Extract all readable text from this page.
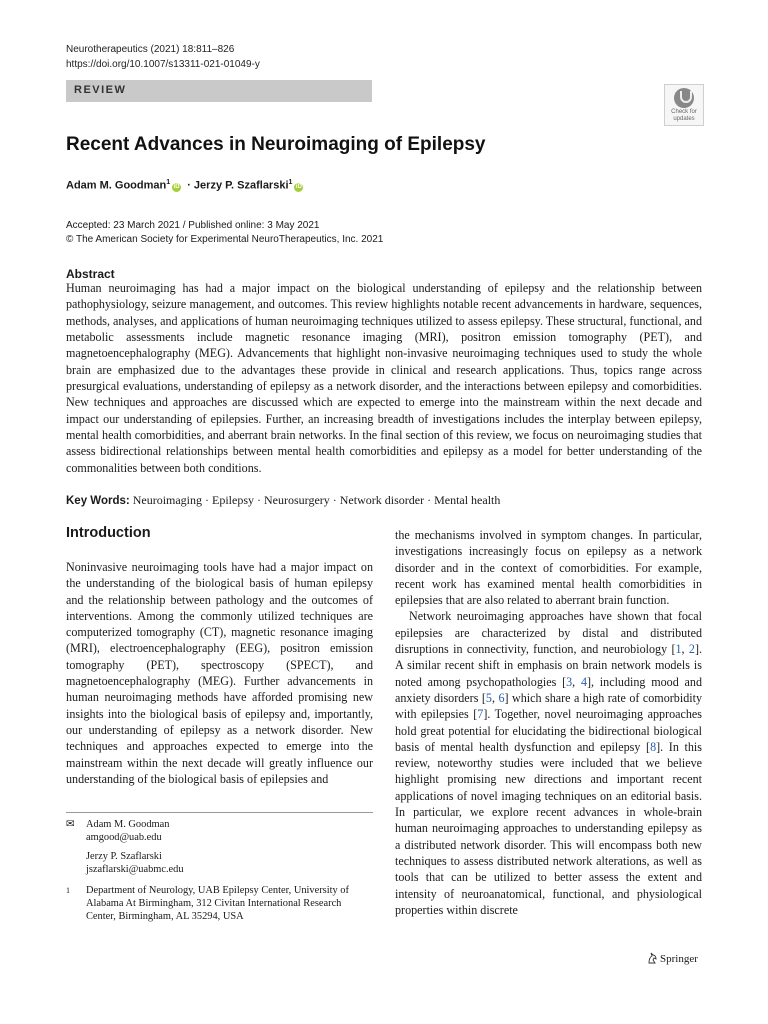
Neurotherapeutics (2021) 18:811–826
https://doi.org/10.1007/s13311-021-01049-y
REVIEW
Check for
updates
Recent Advances in Neuroimaging of Epilepsy
Adam M. Goodman$^1$iD · Jerzy P. Szaflarski$^1$iD
Accepted: 23 March 2021 / Published online: 3 May 2021
© The American Society for Experimental NeuroTherapeutics, Inc. 2021
Abstract
Human neuroimaging has had a major impact on the biological understanding of epilepsy and the relationship between pathophysiology, seizure management, and outcomes. This review highlights notable recent advancements in hardware, sequences, methods, analyses, and applications of human neuroimaging techniques utilized to assess epilepsy. These structural, functional, and metabolic assessments include magnetic resonance imaging (MRI), positron emission tomography (PET), and magnetoencephalography (MEG). Advancements that highlight non-invasive neuroimaging techniques used to study the whole brain are emphasized due to the advantages these provide in clinical and research applications. Thus, topics range across presurgical evaluations, understanding of epilepsy as a network disorder, and the interactions between epilepsy and comorbidities. New techniques and approaches are discussed which are expected to emerge into the mainstream within the next decade and impact our understanding of epilepsies. Further, an increasing breadth of investigations includes the interplay between epilepsy, mental health comorbidities, and aberrant brain networks. In the final section of this review, we focus on neuroimaging studies that assess bidirectional relationships between mental health comorbidities and epilepsy as a model for better understanding of the commonalities between both conditions.
Key Words: Neuroimaging · Epilepsy · Neurosurgery · Network disorder · Mental health
Introduction

Noninvasive neuroimaging tools have had a major impact on the understanding of the biological basis of human epilepsy and the relationship between pathology and the outcomes of interventions. Among the commonly utilized techniques are computerized tomography (CT), magnetic resonance imaging (MRI), electroencephalography (EEG), positron emission tomography (PET), spectroscopy (SPECT), and magnetoencephalography (MEG). Further advancements in human neuroimaging methods have afforded promising new insights into the biological basis of epilepsy and, importantly, our understanding of epilepsy as a network disorder. New techniques and approaches expected to emerge into the mainstream within the next decade will greatly influence our understanding of the biological basis of epilepsies and

the mechanisms involved in symptom changes. In particular, investigations increasingly focus on epilepsy as a network disorder and in the context of comorbidities. For example, recent work has examined mental health comorbidities in epilepsies that are also related to aberrant brain function.

Network neuroimaging approaches have shown that focal epilepsies are characterized by distal and distributed disruptions in connectivity, function, and neurobiology [1, 2]. A similar recent shift in emphasis on brain network models is noted among psychopathologies [3, 4], including mood and anxiety disorders [5, 6] which share a high rate of comorbidity with epilepsies [7]. Together, novel neuroimaging approaches hold great potential for elucidating the bidirectional biological basis of mental health dysfunction and epilepsy [8]. In this review, noteworthy studies were included that we believe highlight promising new directions and important recent applications of novel imaging techniques on an editorial basis. In particular, we explore recent advances in whole-brain human neuroimaging approaches to understanding epilepsy as a distributed network disorder. This will encompass both new techniques to assess distributed network alterations, as well as tools that can be utilized to better assess the extent and intensity of neuroanatomical, functional, and physiological properties within discrete

✉ Adam M. Goodman
amgood@uab.edu
Jerzy P. Szaflarski
jszaflarski@uabmc.edu
1 Department of Neurology, UAB Epilepsy Center, University of Alabama At Birmingham, 312 Civitan International Research Center, Birmingham, AL 35294, USA
Springer
